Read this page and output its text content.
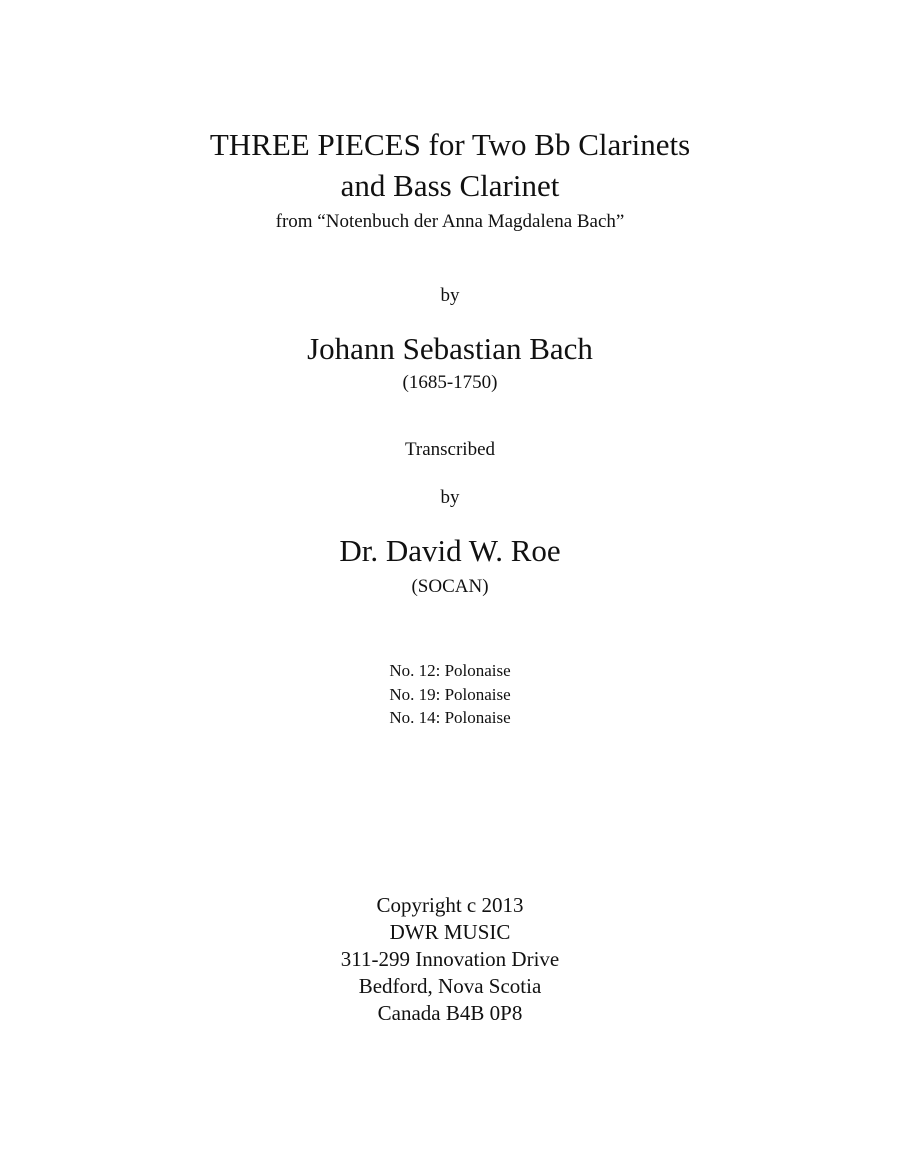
THREE PIECES for Two Bb Clarinets
and Bass Clarinet
from “Notenbuch der Anna Magdalena Bach”
by
Johann Sebastian Bach
(1685-1750)
Transcribed
by
Dr. David W. Roe
(SOCAN)
No. 12: Polonaise
No. 19: Polonaise
No. 14: Polonaise
Copyright c 2013
DWR MUSIC
311-299 Innovation Drive
Bedford, Nova Scotia
Canada B4B 0P8
